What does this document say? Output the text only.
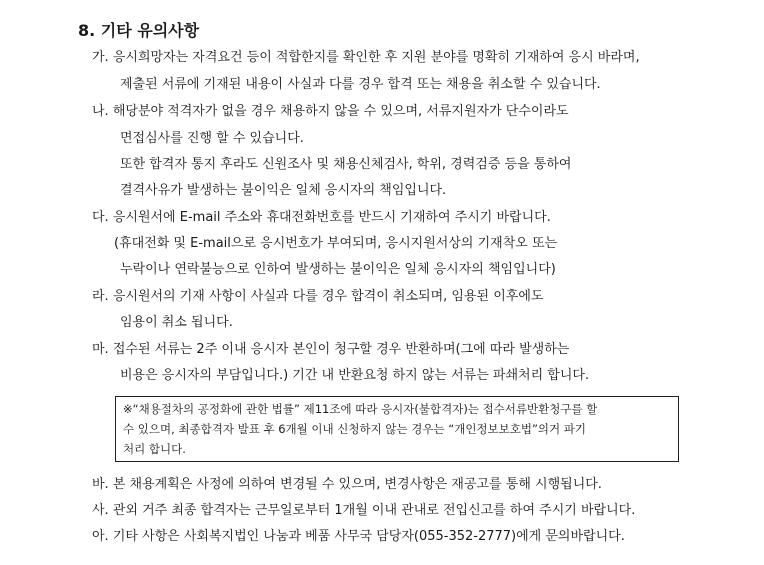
8. 기타 유의사항
가. 응시희망자는 자격요건 등이 적합한지를 확인한 후 지원 분야를 명확히 기재하여 응시 바라며,
제출된 서류에 기재된 내용이 사실과 다를 경우 합격 또는 채용을 취소할 수 있습니다.
나. 해당분야 적격자가 없을 경우 채용하지 않을 수 있으며, 서류지원자가 단수이라도
면접심사를 진행 할 수 있습니다.
또한 합격자 통지 후라도 신원조사 및 채용신체검사, 학위, 경력검증 등을 통하여
결격사유가 발생하는 불이익은 일체 응시자의 책임입니다.
다. 응시원서에 E-mail 주소와 휴대전화번호를 반드시 기재하여 주시기 바랍니다.
(휴대전화 및 E-mail으로 응시번호가 부여되며, 응시지원서상의 기재착오 또는
누락이나 연락불능으로 인하여 발생하는 불이익은 일체 응시자의 책임입니다)
라. 응시원서의 기재 사항이 사실과 다를 경우 합격이 취소되며, 임용된 이후에도
임용이 취소 됩니다.
마. 접수된 서류는 2주 이내 응시자 본인이 청구할 경우 반환하며(그에 따라 발생하는
비용은 응시자의 부담입니다.) 기간 내 반환요청 하지 않는 서류는 파쇄처리 합니다.
※“채용절차의 공정화에 관한 법률” 제11조에 따라 응시자(불합격자)는 접수서류반환청구를 할
수 있으며, 최종합격자 발표 후 6개월 이내 신청하지 않는 경우는 “개인정보보호법”의거 파기
처리 합니다.
바. 본 채용계획은 사정에 의하여 변경될 수 있으며, 변경사항은 재공고를 통해 시행됩니다.
사. 관외 거주 최종 합격자는 근무일로부터 1개월 이내 관내로 전입신고를 하여 주시기 바랍니다.
아. 기타 사항은 사회복지법인 나눔과 베품 사무국 담당자(055-352-2777)에게 문의바랍니다.
